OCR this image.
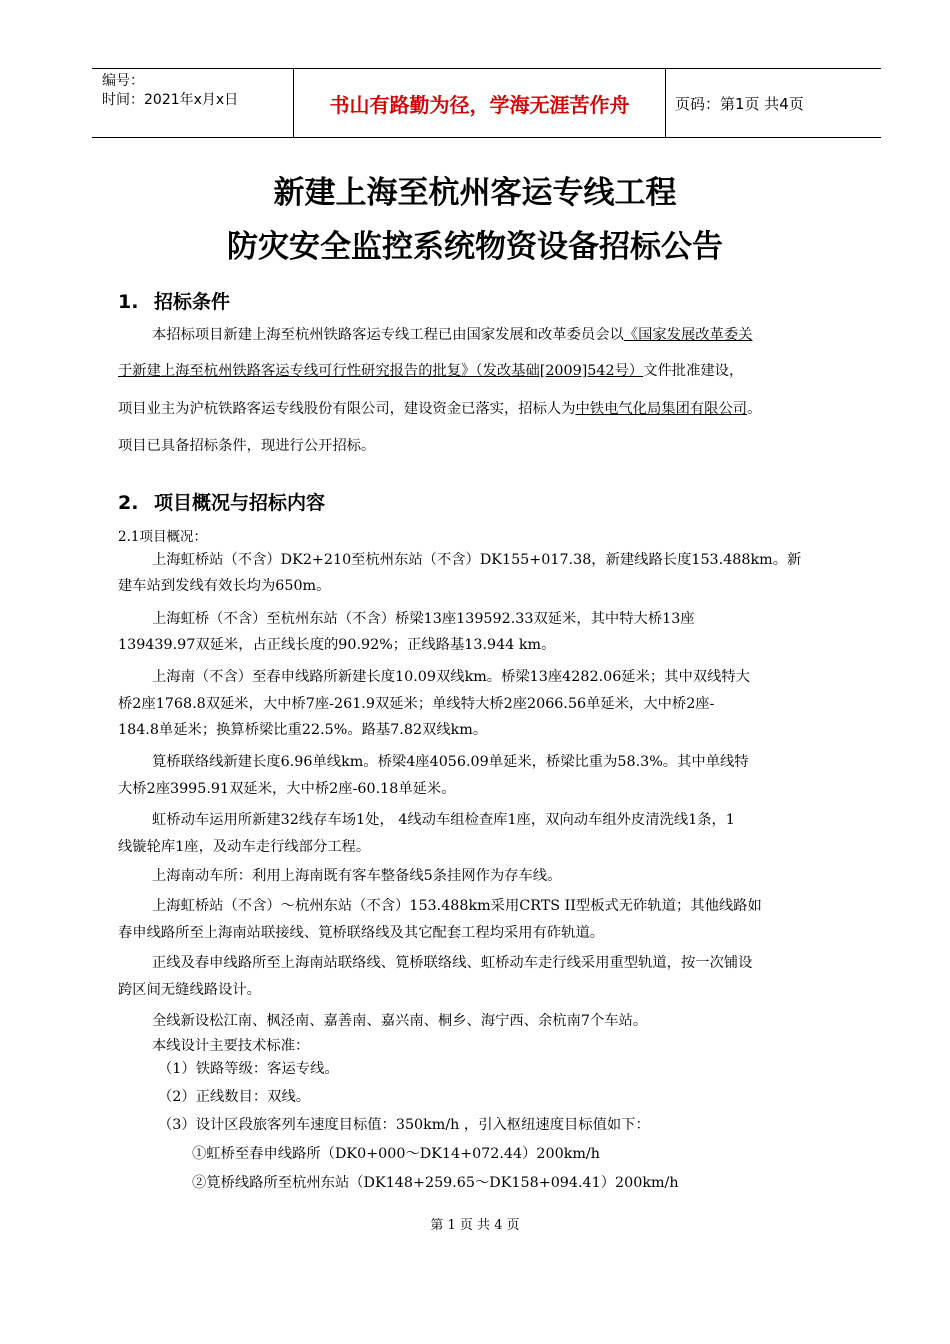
编号：
时间：2021年x月x日	书山有路勤为径，学海无涯苦作舟	页码：第1页 共4页
新建上海至杭州客运专线工程
防灾安全监控系统物资设备招标公告
1. 招标条件
本招标项目新建上海至杭州铁路客运专线工程已由国家发展和改革委员会以《国家发展改革委关
于新建上海至杭州铁路客运专线可行性研究报告的批复》（发改基础[2009]542号）文件批准建设，
项目业主为沪杭铁路客运专线股份有限公司，建设资金已落实，招标人为中铁电气化局集团有限公司。
项目已具备招标条件，现进行公开招标。
2. 项目概况与招标内容
2.1项目概况：
上海虹桥站（不含）DK2+210至杭州东站（不含）DK155+017.38，新建线路长度153.488km。新
建车站到发线有效长均为650m。
上海虹桥（不含）至杭州东站（不含）桥梁13座139592.33双延米，其中特大桥13座
139439.97双延米，占正线长度的90.92%；正线路基13.944 km。
上海南（不含）至春申线路所新建长度10.09双线km。桥梁13座4282.06延米；其中双线特大
桥2座1768.8双延米，大中桥7座-261.9双延米；单线特大桥2座2066.56单延米，大中桥2座-
184.8单延米；换算桥梁比重22.5%。路基7.82双线km。
筧桥联络线新建长度6.96单线km。桥梁4座4056.09单延米，桥梁比重为58.3%。其中单线特
大桥2座3995.91双延米，大中桥2座-60.18单延米。
虹桥动车运用所新建32线存车场1处， 4线动车组检查库1座，双向动车组外皮清洗线1条，1
线镟轮库1座，及动车走行线部分工程。
上海南动车所：利用上海南既有客车整备线5条挂网作为存车线。
上海虹桥站（不含）～杭州东站（不含）153.488km采用CRTS II型板式无砟轨道；其他线路如
春申线路所至上海南站联接线、筧桥联络线及其它配套工程均采用有砟轨道。
正线及春申线路所至上海南站联络线、筧桥联络线、虹桥动车走行线采用重型轨道，按一次铺设
跨区间无缝线路设计。
全线新设松江南、枫泾南、嘉善南、嘉兴南、桐乡、海宁西、余杭南7个车站。
本线设计主要技术标准：
（1）铁路等级：客运专线。
（2）正线数目：双线。
（3）设计区段旅客列车速度目标值：350km/h ，引入枢纽速度目标值如下：
①虹桥至春申线路所（DK0+000～DK14+072.44）200km/h
②筧桥线路所至杭州东站（DK148+259.65～DK158+094.41）200km/h
第 1 页 共 4 页
